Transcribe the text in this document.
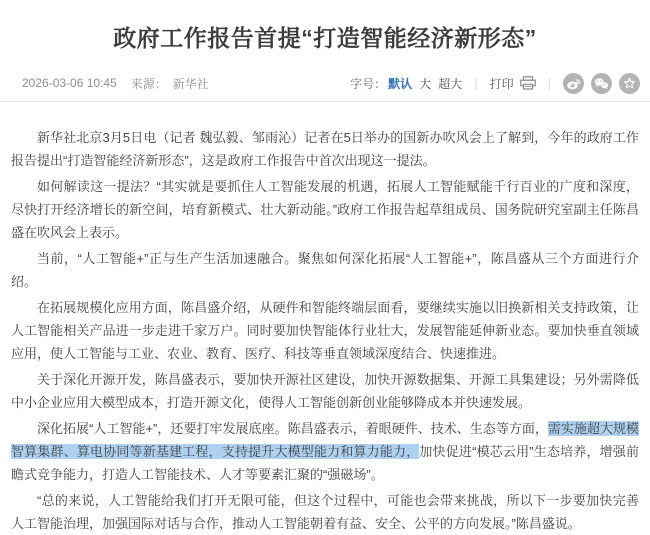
政府工作报告首提“打造智能经济新形态”
2026-03-06 10:45 来源： 新华社	字号： 默认 大 超大 | 打印	|

新华社北京3月5日电（记者 魏弘毅、邹雨沁）记者在5日举办的国新办吹风会上了解到，今年的政府工作报告提出“打造智能经济新形态”，这是政府工作报告中首次出现这一提法。

如何解读这一提法？“其实就是要抓住人工智能发展的机遇，拓展人工智能赋能千行百业的广度和深度，尽快打开经济增长的新空间，培育新模式、壮大新动能。”政府工作报告起草组成员、国务院研究室副主任陈昌盛在吹风会上表示。

当前，“人工智能+”正与生产生活加速融合。聚焦如何深化拓展“人工智能+”，陈昌盛从三个方面进行介绍。

在拓展规模化应用方面，陈昌盛介绍，从硬件和智能终端层面看，要继续实施以旧换新相关支持政策，让人工智能相关产品进一步走进千家万户。同时要加快智能体行业壮大，发展智能延伸新业态。要加快垂直领域应用，使人工智能与工业、农业、教育、医疗、科技等垂直领域深度结合、快速推进。

关于深化开源开发，陈昌盛表示，要加快开源社区建设，加快开源数据集、开源工具集建设；另外需降低中小企业应用大模型成本，打造开源文化，使得人工智能创新创业能够降成本并快速发展。

深化拓展“人工智能+”，还要打牢发展底座。陈昌盛表示，着眼硬件、技术、生态等方面，需实施超大规模智算集群、算电协同等新基建工程，支持提升大模型能力和算力能力，加快促进“模芯云用”生态培养，增强前瞻式竞争能力，打造人工智能技术、人才等要素汇聚的“强磁场”。

“总的来说，人工智能给我们打开无限可能，但这个过程中，可能也会带来挑战，所以下一步要加快完善人工智能治理，加强国际对话与合作，推动人工智能朝着有益、安全、公平的方向发展。”陈昌盛说。
